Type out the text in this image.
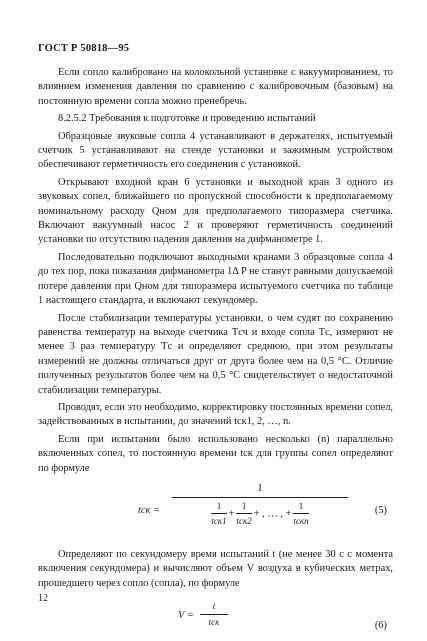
ГОСТ Р 50818—95

Если сопло калибровано на колокольной установке с вакуумированием, то влиянием изменения давления по сравнению с калибровочным (базовым) на постоянную времени сопла можно пренебречь.

8.2.5.2 Требования к подготовке и проведению испытаний

Образцовые звуковые сопла 4 устанавливают в держателях, испытуемый счетчик 5 устанавливают на стенде установки и зажимным устройством обеспечивают герметичность его соединения с установкой.

Открывают входной кран 6 установки и выходной кран 3 одного из звуковых сопел, ближайшего по пропускной способности к предполагаемому номинальному расходу Qном для предполагаемого типоразмера счетчика. Включают вакуумный насос 2 и проверяют герметичность соединений установки по отсутствию падения давления на дифманометре 1.

Последовательно подключают выходными кранами 3 образцовые сопла 4 до тех пор, пока показания дифманометра 1Δ P не станут равными допускаемой потере давления при Qном для типоразмера испытуемого счетчика по таблице 1 настоящего стандарта, и включают секундомер.

После стабилизации температуры установки, о чем судят по сохранению равенства температур на выходе счетчика Tсч и входе сопла Tс, измеряют не менее 3 раз температуру Tс и определяют среднюю, при этом результаты измерений не должны отличаться друг от друга более чем на 0,5 °С. Отличие полученных результатов более чем на 0,5 °С свидетельствует о недостаточной стабилизации температуры.

Проводят, если это необходимо, корректировку постоянных времени сопел, задействованных в испытании, до значений tск1, 2, …, n.

Если при испытании было использовано несколько (n) параллельно включенных сопел, то постоянную времени tск для группы сопел определяют по формуле

tск =
1
$\frac{1}{\text{tск1}} + \frac{1}{\text{tск2}}$ + , … , + $\frac{1}{\text{tскn}}$	(5)

Определяют по секундомеру время испытаний t (не менее 30 с с момента включения секундомера) и вычисляют объем V воздуха в кубических метрах, прошедшего через сопло (сопла), по формуле

V =
t
tск	(6)
12
